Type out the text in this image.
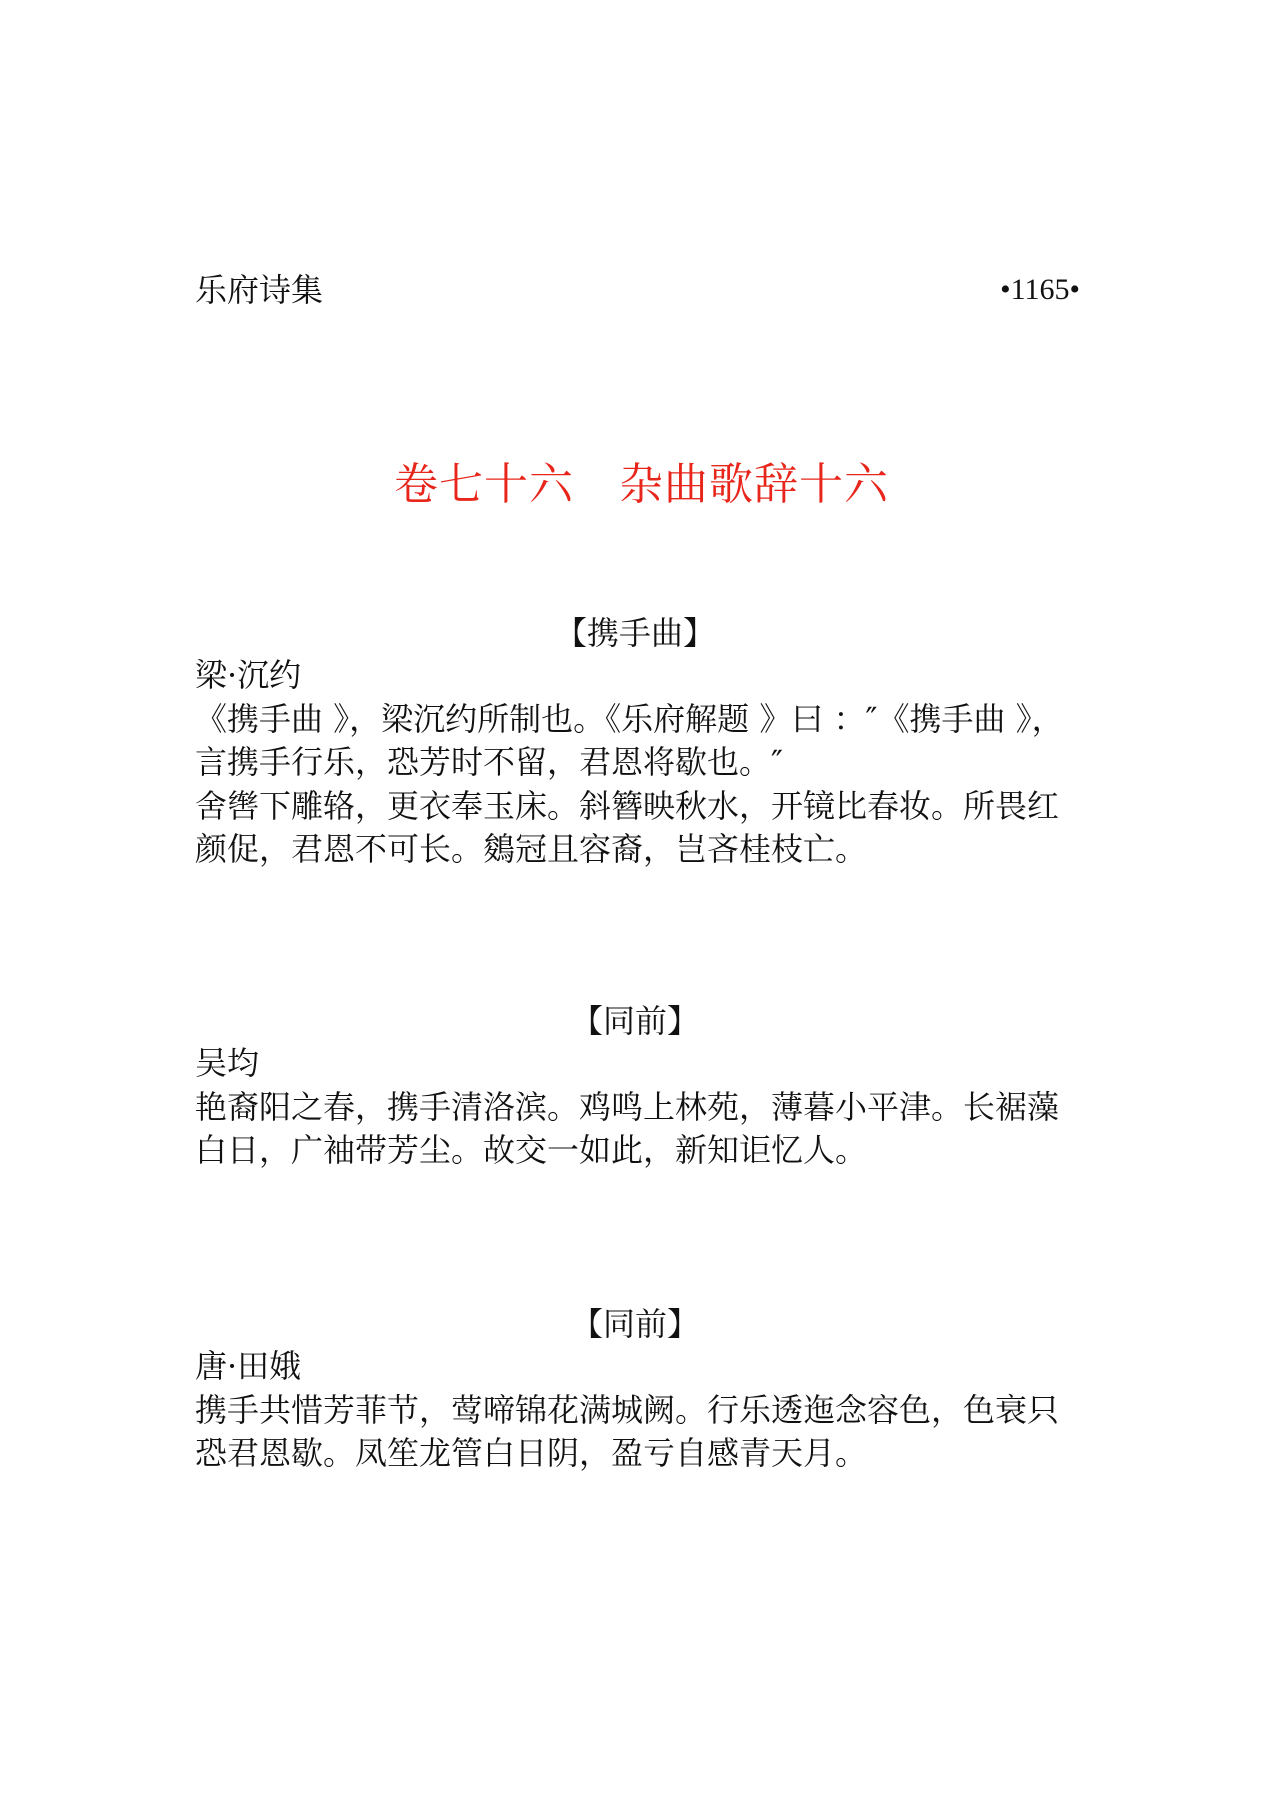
乐府诗集	•1165•
卷七十六　杂曲歌辞十六
【携手曲】
梁·沉约
《携手曲 》，梁沉约所制也。《乐府解题 》曰 ：″《携手曲 》，
言携手行乐，恐芳时不留，君恩将歇也。″
舍辔下雕辂，更衣奉玉床。斜簪映秋水，开镜比春妆。所畏红
颜促，君恩不可长。鵕冠且容裔，岂吝桂枝亡。
【同前】
吴均
艳裔阳之春，携手清洛滨。鸡鸣上林苑，薄暮小平津。长裾藻
白日，广袖带芳尘。故交一如此，新知讵忆人。
【同前】
唐·田娥
携手共惜芳菲节，莺啼锦花满城阙。行乐透迤念容色，色衰只
恐君恩歇。凤笙龙管白日阴，盈亏自感青天月。
